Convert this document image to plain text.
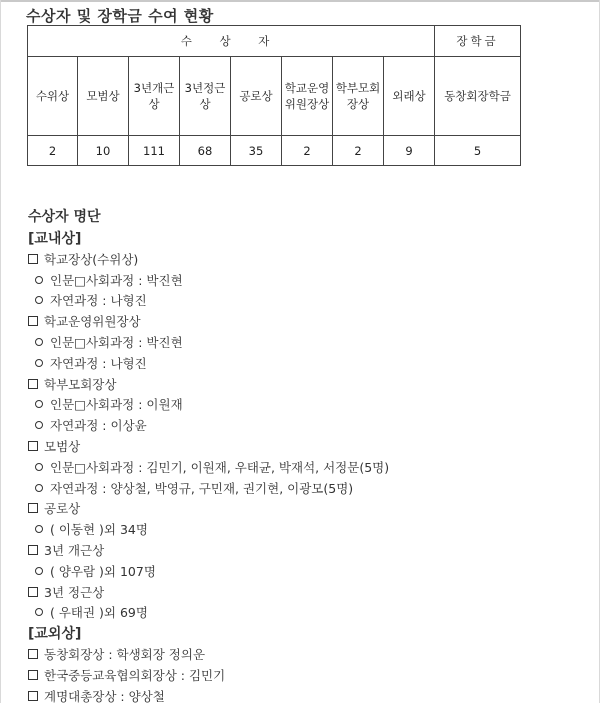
수상자 및 장학금 수여 현황
수 상 자								장학금
수위상	모범상	3년개근상	3년정근상	공로상	학교운영위원장상	학부모회장상	외래상	동창회장학금
2	10	111	68	35	2	2	9	5
수상자 명단
[교내상]
학교장상(수위상)
인문□사회과정 : 박진현
자연과정 : 나형진
학교운영위원장상
인문□사회과정 : 박진현
자연과정 : 나형진
학부모회장상
인문□사회과정 : 이원재
자연과정 : 이상윤
모범상
인문□사회과정 : 김민기, 이원재, 우태균, 박재석, 서정문(5명)
자연과정 : 양상철, 박영규, 구민재, 권기현, 이광모(5명)
공로상
( 이동현 )외 34명
3년 개근상
( 양우람 )외 107명
3년 정근상
( 우태권 )외 69명
[교외상]
동창회장상 : 학생회장 정의운
한국중등교육협의회장상 : 김민기
계명대총장상 : 양상철
